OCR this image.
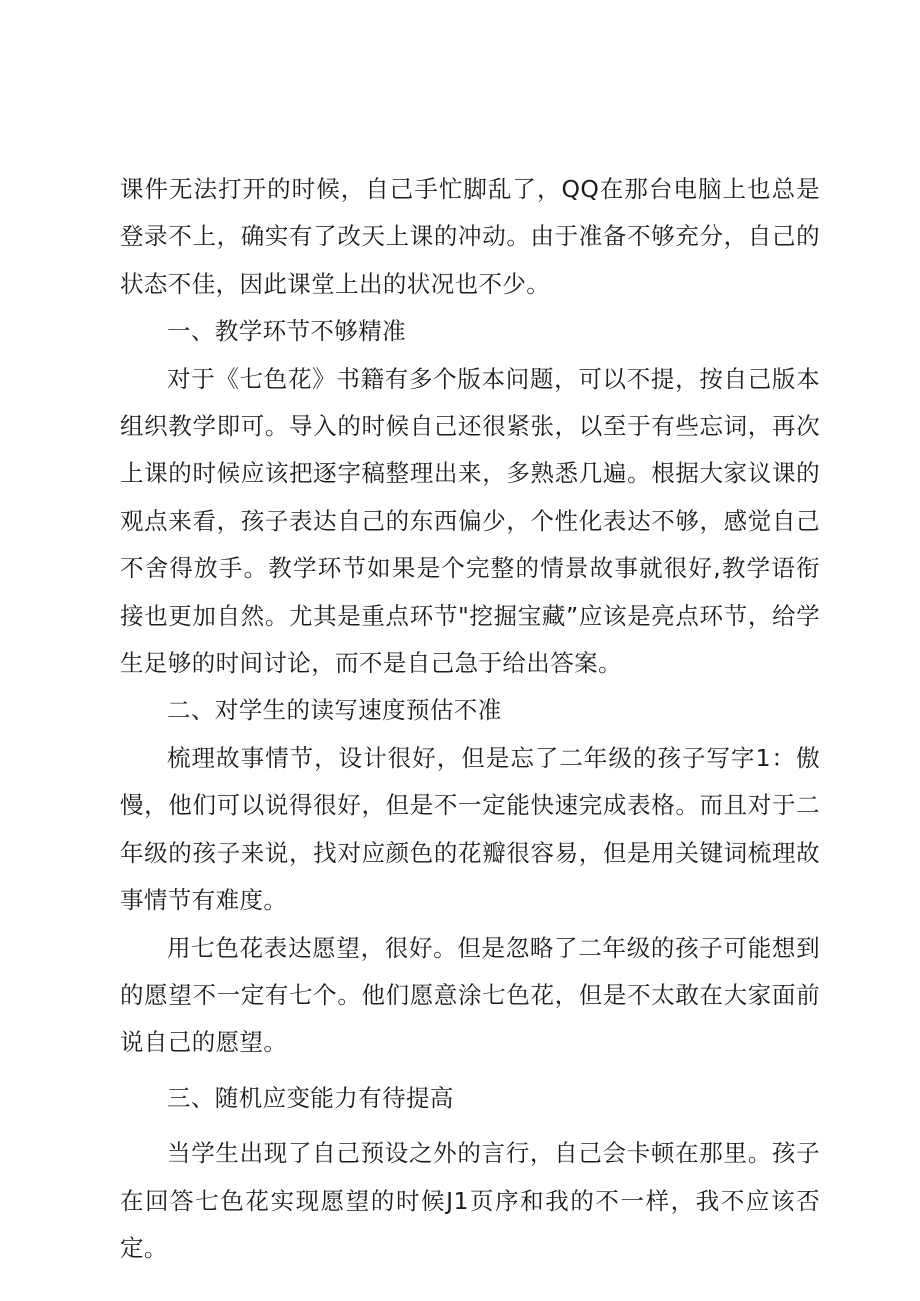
课件无法打开的时候，自己手忙脚乱了，QQ在那台电脑上也总是登录不上，确实有了改天上课的冲动。由于准备不够充分，自己的状态不佳，因此课堂上出的状况也不少。

一、教学环节不够精准

对于《七色花》书籍有多个版本问题，可以不提，按自己版本组织教学即可。导入的时候自己还很紧张，以至于有些忘词，再次上课的时候应该把逐字稿整理出来，多熟悉几遍。根据大家议课的观点来看，孩子表达自己的东西偏少，个性化表达不够，感觉自己不舍得放手。教学环节如果是个完整的情景故事就很好,教学语衔接也更加自然。尤其是重点环节"挖掘宝藏”应该是亮点环节，给学生足够的时间讨论，而不是自己急于给出答案。

二、对学生的读写速度预估不准

梳理故事情节，设计很好，但是忘了二年级的孩子写字1：傲慢，他们可以说得很好，但是不一定能快速完成表格。而且对于二年级的孩子来说，找对应颜色的花瓣很容易，但是用关键词梳理故事情节有难度。

用七色花表达愿望，很好。但是忽略了二年级的孩子可能想到的愿望不一定有七个。他们愿意涂七色花，但是不太敢在大家面前说自己的愿望。

三、随机应变能力有待提高

当学生出现了自己预设之外的言行，自己会卡顿在那里。孩子在回答七色花实现愿望的时候J1页序和我的不一样，我不应该否定。
